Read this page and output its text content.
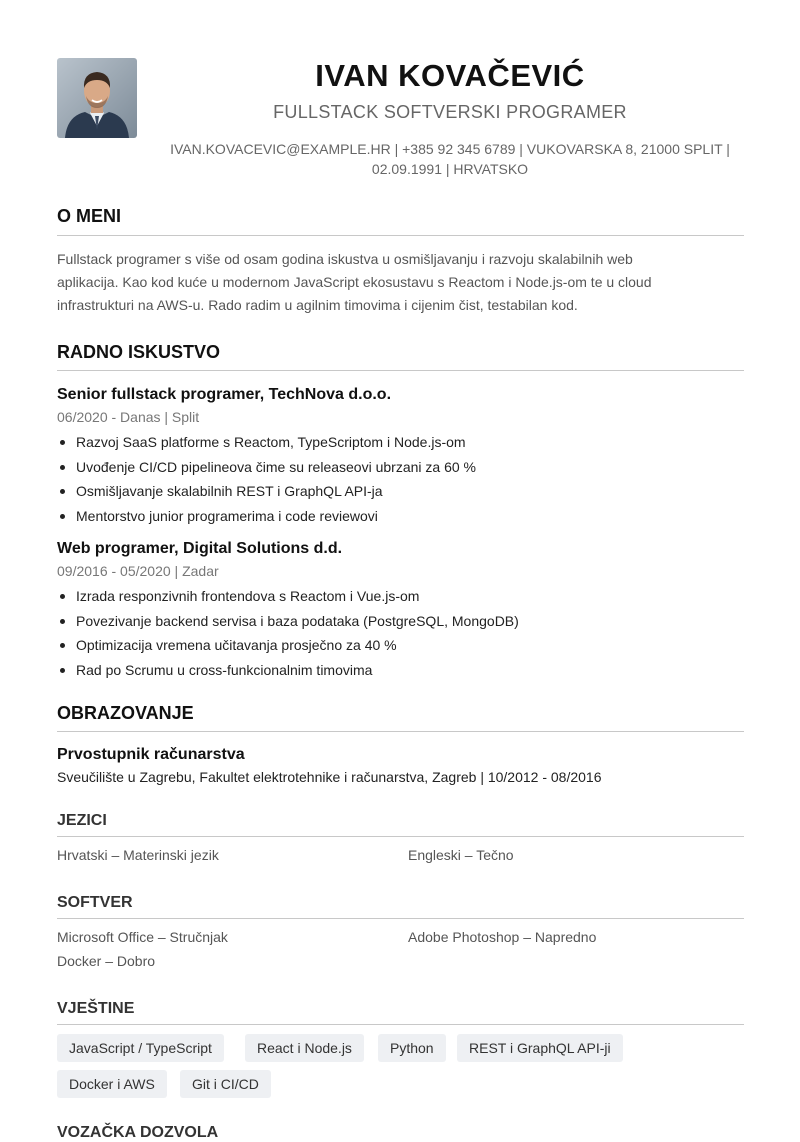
IVAN KOVAČEVIĆ
FULLSTACK SOFTVERSKI PROGRAMER
IVAN.KOVACEVIC@EXAMPLE.HR | +385 92 345 6789 | VUKOVARSKA 8, 21000 SPLIT |
02.09.1991 | HRVATSKO
O MENI
Fullstack programer s više od osam godina iskustva u osmišljavanju i razvoju skalabilnih web
aplikacija. Kao kod kuće u modernom JavaScript ekosustavu s Reactom i Node.js-om te u cloud
infrastrukturi na AWS-u. Rado radim u agilnim timovima i cijenim čist, testabilan kod.
RADNO ISKUSTVO
Senior fullstack programer, TechNova d.o.o.
06/2020 - Danas | Split
Razvoj SaaS platforme s Reactom, TypeScriptom i Node.js-om
Uvođenje CI/CD pipelineova čime su releaseovi ubrzani za 60 %
Osmišljavanje skalabilnih REST i GraphQL API-ja
Mentorstvo junior programerima i code reviewovi
Web programer, Digital Solutions d.d.
09/2016 - 05/2020 | Zadar
Izrada responzivnih frontendova s Reactom i Vue.js-om
Povezivanje backend servisa i baza podataka (PostgreSQL, MongoDB)
Optimizacija vremena učitavanja prosječno za 40 %
Rad po Scrumu u cross-funkcionalnim timovima
OBRAZOVANJE
Prvostupnik računarstva
Sveučilište u Zagrebu, Fakultet elektrotehnike i računarstva, Zagreb | 10/2012 - 08/2016
JEZICI
Hrvatski – Materinski jezik	Engleski – Tečno
SOFTVER
Microsoft Office – Stručnjak	Adobe Photoshop – Napredno
Docker – Dobro
VJEŠTINE
JavaScript / TypeScript	React i Node.js	Python	REST i GraphQL API-ji
Docker i AWS	Git i CI/CD
VOZAČKA DOZVOLA
